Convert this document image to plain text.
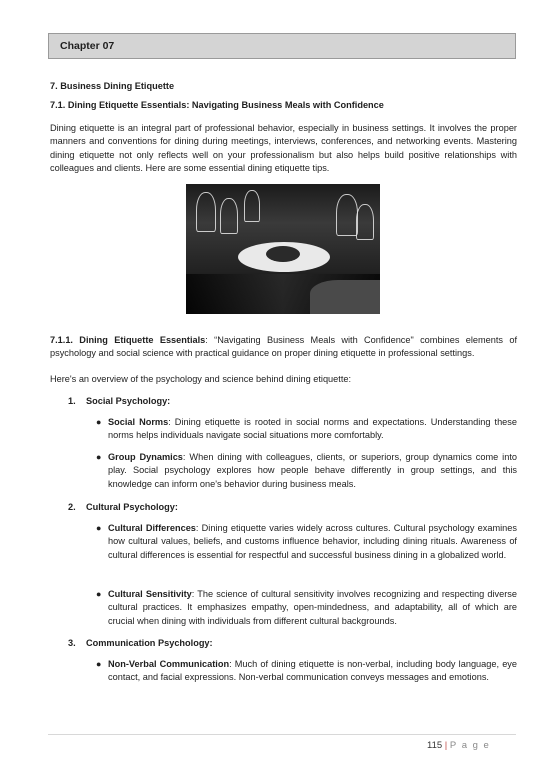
Chapter 07
7. Business Dining Etiquette
7.1. Dining Etiquette Essentials: Navigating Business Meals with Confidence

Dining etiquette is an integral part of professional behavior, especially in business settings. It involves the proper manners and conventions for dining during meetings, interviews, conferences, and networking events. Mastering dining etiquette not only reflects well on your professionalism but also helps build positive relationships with colleagues and clients. Here are some essential dining etiquette tips.

7.1.1. Dining Etiquette Essentials: “Navigating Business Meals with Confidence" combines elements of psychology and social science with practical guidance on proper dining etiquette in professional settings.
Here's an overview of the psychology and science behind dining etiquette:
1. Social Psychology:
● Social Norms: Dining etiquette is rooted in social norms and expectations. Understanding these norms helps individuals navigate social situations more comfortably.
● Group Dynamics: When dining with colleagues, clients, or superiors, group dynamics come into play. Social psychology explores how people behave differently in group settings, and this knowledge can inform one's behavior during business meals.
2. Cultural Psychology:
● Cultural Differences: Dining etiquette varies widely across cultures. Cultural psychology examines how cultural values, beliefs, and customs influence behavior, including dining rituals. Awareness of cultural differences is essential for respectful and successful business dining in a globalized world.
● Cultural Sensitivity: The science of cultural sensitivity involves recognizing and respecting diverse cultural practices. It emphasizes empathy, open-mindedness, and adaptability, all of which are crucial when dining with individuals from different cultural backgrounds.
3. Communication Psychology:
● Non-Verbal Communication: Much of dining etiquette is non-verbal, including body language, eye contact, and facial expressions. Non-verbal communication conveys messages and emotions.
115 | P a g e
